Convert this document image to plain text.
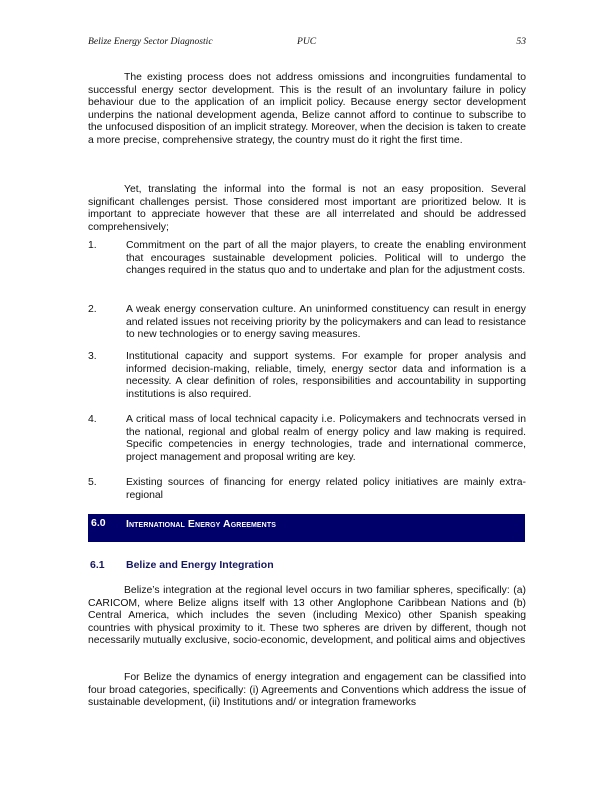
Belize Energy Sector Diagnostic	PUC	53

The existing process does not address omissions and incongruities fundamental to successful energy sector development. This is the result of an involuntary failure in policy behaviour due to the application of an implicit policy. Because energy sector development underpins the national development agenda, Belize cannot afford to continue to subscribe to the unfocused disposition of an implicit strategy. Moreover, when the decision is taken to create a more precise, comprehensive strategy, the country must do it right the first time.

Yet, translating the informal into the formal is not an easy proposition. Several significant challenges persist. Those considered most important are prioritized below. It is important to appreciate however that these are all interrelated and should be addressed comprehensively;

1.	Commitment on the part of all the major players, to create the enabling environment that encourages sustainable development policies. Political will to undergo the changes required in the status quo and to undertake and plan for the adjustment costs.
2.	A weak energy conservation culture. An uninformed constituency can result in energy and related issues not receiving priority by the policymakers and can lead to resistance to new technologies or to energy saving measures.
3.	Institutional capacity and support systems. For example for proper analysis and informed decision-making, reliable, timely, energy sector data and information is a necessity. A clear definition of roles, responsibilities and accountability in supporting institutions is also required.
4.	A critical mass of local technical capacity i.e. Policymakers and technocrats versed in the national, regional and global realm of energy policy and law making is required. Specific competencies in energy technologies, trade and international commerce, project management and proposal writing are key.
5.	Existing sources of financing for energy related policy initiatives are mainly extra-regional
6.0 International Energy Agreements
6.1 Belize and Energy Integration

Belize’s integration at the regional level occurs in two familiar spheres, specifically: (a) CARICOM, where Belize aligns itself with 13 other Anglophone Caribbean Nations and (b) Central America, which includes the seven (including Mexico) other Spanish speaking countries with physical proximity to it. These two spheres are driven by different, though not necessarily mutually exclusive, socio-economic, development, and political aims and objectives

For Belize the dynamics of energy integration and engagement can be classified into four broad categories, specifically: (i) Agreements and Conventions which address the issue of sustainable development, (ii) Institutions and/ or integration frameworks
